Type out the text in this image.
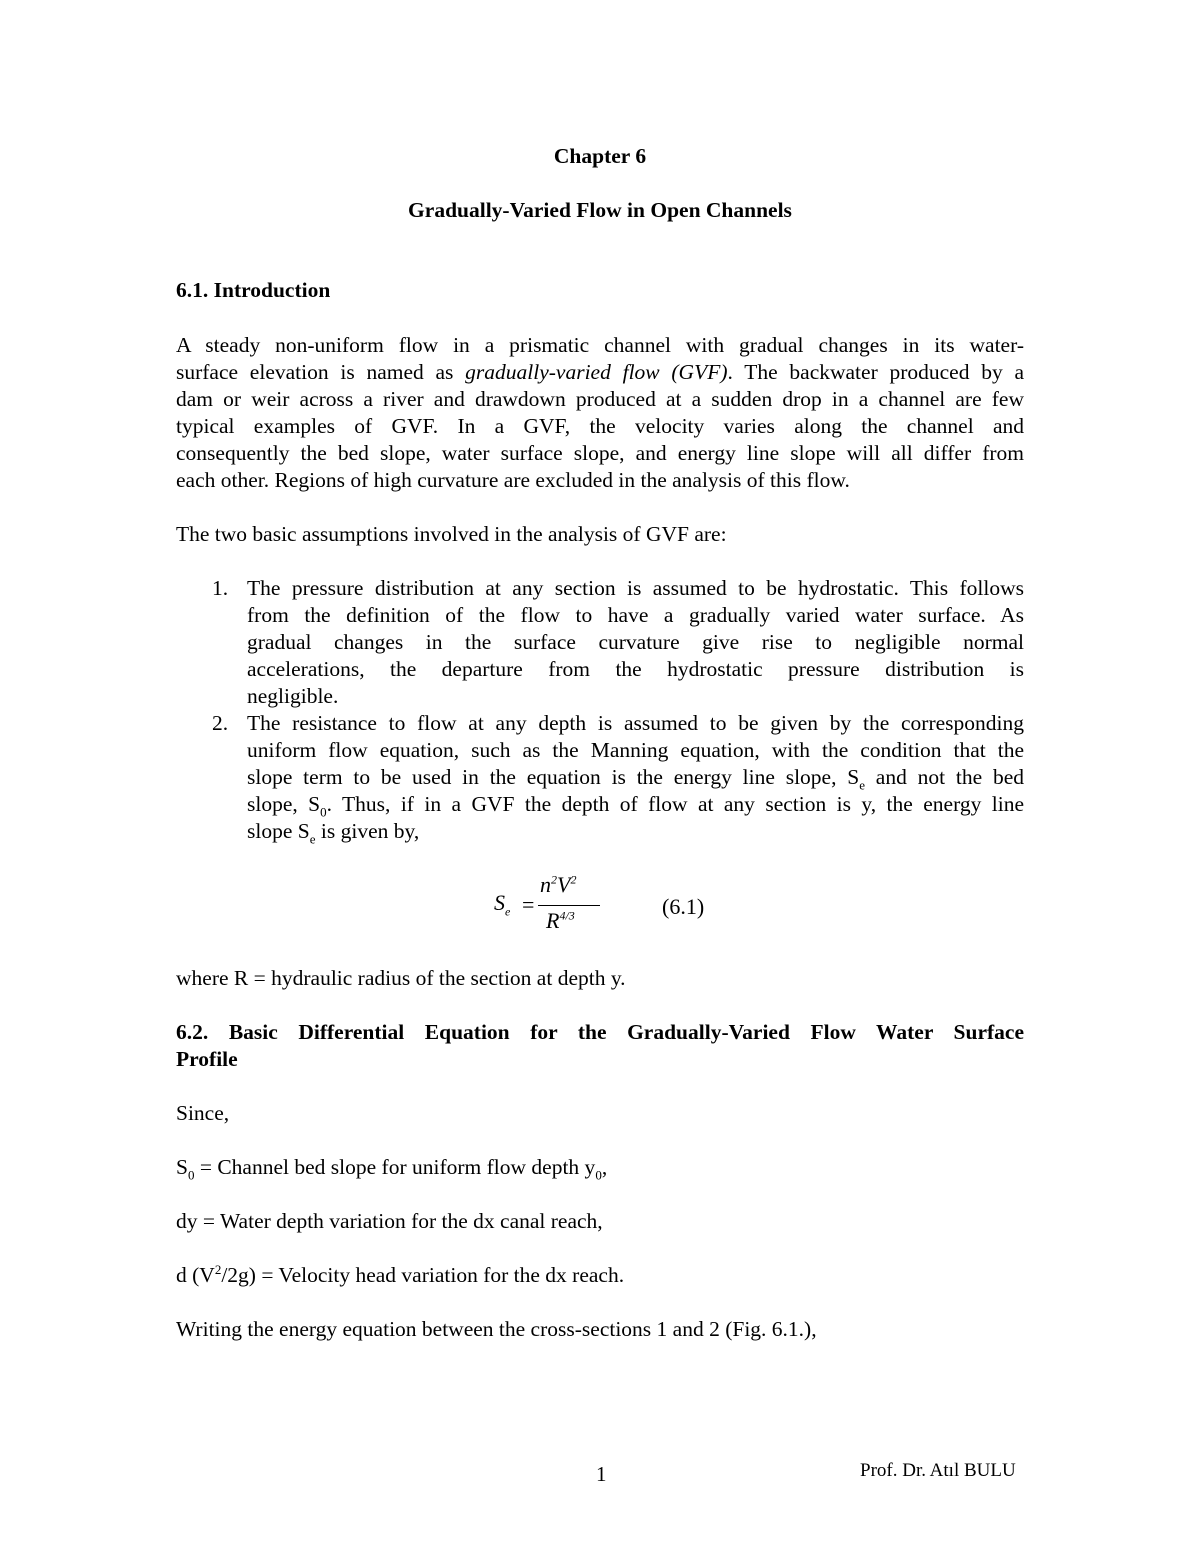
Chapter 6
Gradually-Varied Flow in Open Channels
6.1. Introduction

A steady non-uniform flow in a prismatic channel with gradual changes in its water-

surface elevation is named as gradually-varied flow (GVF). The backwater produced by a

dam or weir across a river and drawdown produced at a sudden drop in a channel are few

typical examples of GVF. In a GVF, the velocity varies along the channel and

consequently the bed slope, water surface slope, and energy line slope will all differ from

each other. Regions of high curvature are excluded in the analysis of this flow.

The two basic assumptions involved in the analysis of GVF are:
1. The pressure distribution at any section is assumed to be hydrostatic. This follows

from the definition of the flow to have a gradually varied water surface. As

gradual changes in the surface curvature give rise to negligible normal

accelerations, the departure from the hydrostatic pressure distribution is

negligible.

2. The resistance to flow at any depth is assumed to be given by the corresponding

uniform flow equation, such as the Manning equation, with the condition that the

slope term to be used in the equation is the energy line slope, $S_e$ and not the bed

slope, $S_0$. Thus, if in a GVF the depth of flow at any section is y, the energy line

slope $S_e$ is given by,

$S_e$ =
$n^2V^2$
$R^{4/3}$	(6.1)
where R = hydraulic radius of the section at depth y.

6.2. Basic Differential Equation for the Gradually-Varied Flow Water Surface

Profile

Since,
$S_0$ = Channel bed slope for uniform flow depth $y_0$,
dy = Water depth variation for the dx canal reach,
d $(V^2/2g)$ = Velocity head variation for the dx reach.
Writing the energy equation between the cross-sections 1 and 2 (Fig. 6.1.),
1	Prof. Dr. Atıl BULU
